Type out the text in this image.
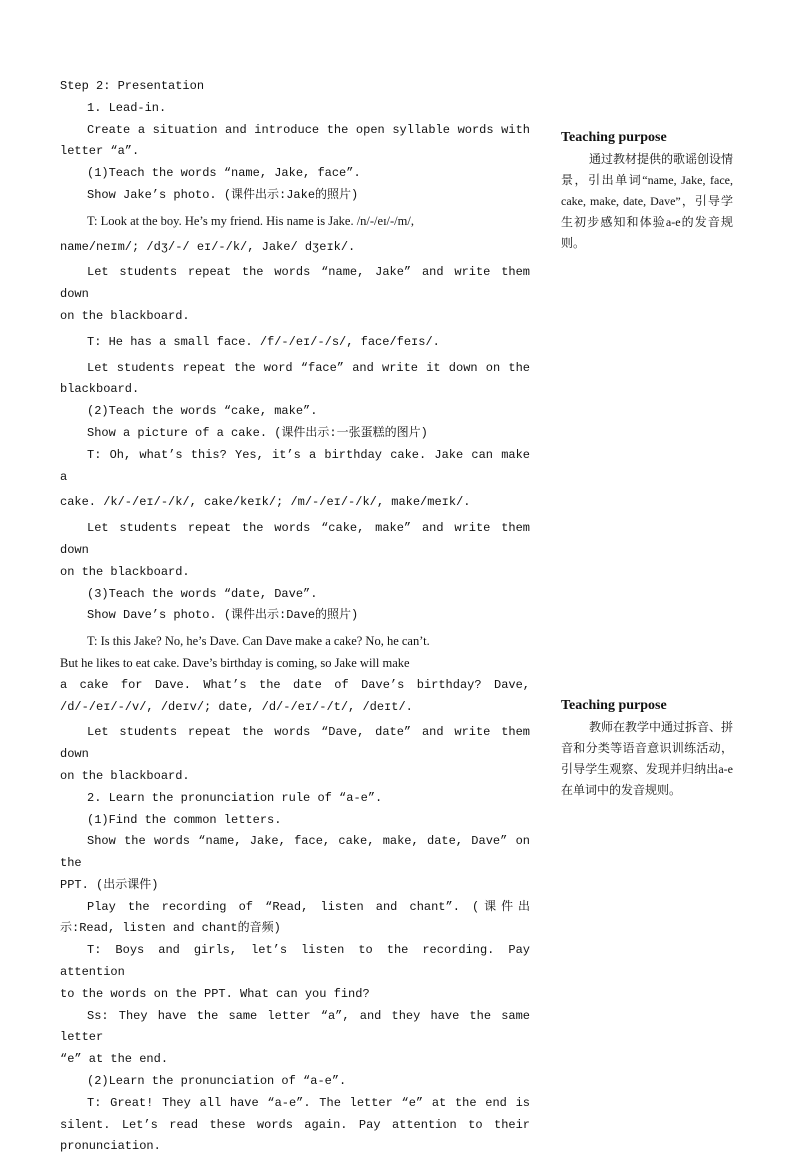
Step 2: Presentation

1. Lead-in.

Create a situation and introduce the open syllable words with

letter “a”.

(1)Teach the words “name, Jake, face”.

Show Jake’s photo. (课件出示:Jake的照片)

T: Look at the boy. He’s my friend. His name is Jake. /n/-/eɪ/-/m/,

name/neɪm/; /dʒ/-/ eɪ/-/k/, Jake/ dʒeɪk/.

Let students repeat the words “name, Jake” and write them down

on the blackboard.

T: He has a small face. /f/-/eɪ/-/s/, face/feɪs/.

Let students repeat the word “face” and write it down on the

blackboard.

(2)Teach the words “cake, make”.

Show a picture of a cake. (课件出示:一张蛋糕的图片)

T: Oh, what’s this? Yes, it’s a birthday cake. Jake can make a

cake. /k/-/eɪ/-/k/, cake/keɪk/; /m/-/eɪ/-/k/, make/meɪk/.

Let students repeat the words “cake, make” and write them down

on the blackboard.

(3)Teach the words “date, Dave”.

Show Dave’s photo. (课件出示:Dave的照片)

T: Is this Jake? No, he’s Dave. Can Dave make a cake? No, he can’t.

But he likes to eat cake. Dave’s birthday is coming, so Jake will make

a cake for Dave. What’s the date of Dave’s birthday? Dave,

/d/-/eɪ/-/v/, /deɪv/; date, /d/-/eɪ/-/t/, /deɪt/.

Let students repeat the words “Dave, date” and write them down

on the blackboard.

2. Learn the pronunciation rule of “a-e”.

(1)Find the common letters.

Show the words “name, Jake, face, cake, make, date, Dave” on the

PPT. (出示课件)

Play the recording of “Read, listen and chant”. (课件出

示:Read, listen and chant的音频)

T: Boys and girls, let’s listen to the recording. Pay attention

to the words on the PPT. What can you find?

Ss: They have the same letter “a”, and they have the same letter

“e” at the end.

(2)Learn the pronunciation of “a-e”.

T: Great! They all have “a-e”. The letter “e” at the end is

silent. Let’s read these words again. Pay attention to their

pronunciation.

Teaching purpose

通过教材提供的歌谣创设情景，引出单词“name, Jake, face, cake, make, date, Dave”，引导学生初步感知和体验a-e的发音规则。

Teaching purpose

教师在教学中通过拆音、拼音和分类等语音意识训练活动，引导学生观察、发现并归纳出a-e在单词中的发音规则。
